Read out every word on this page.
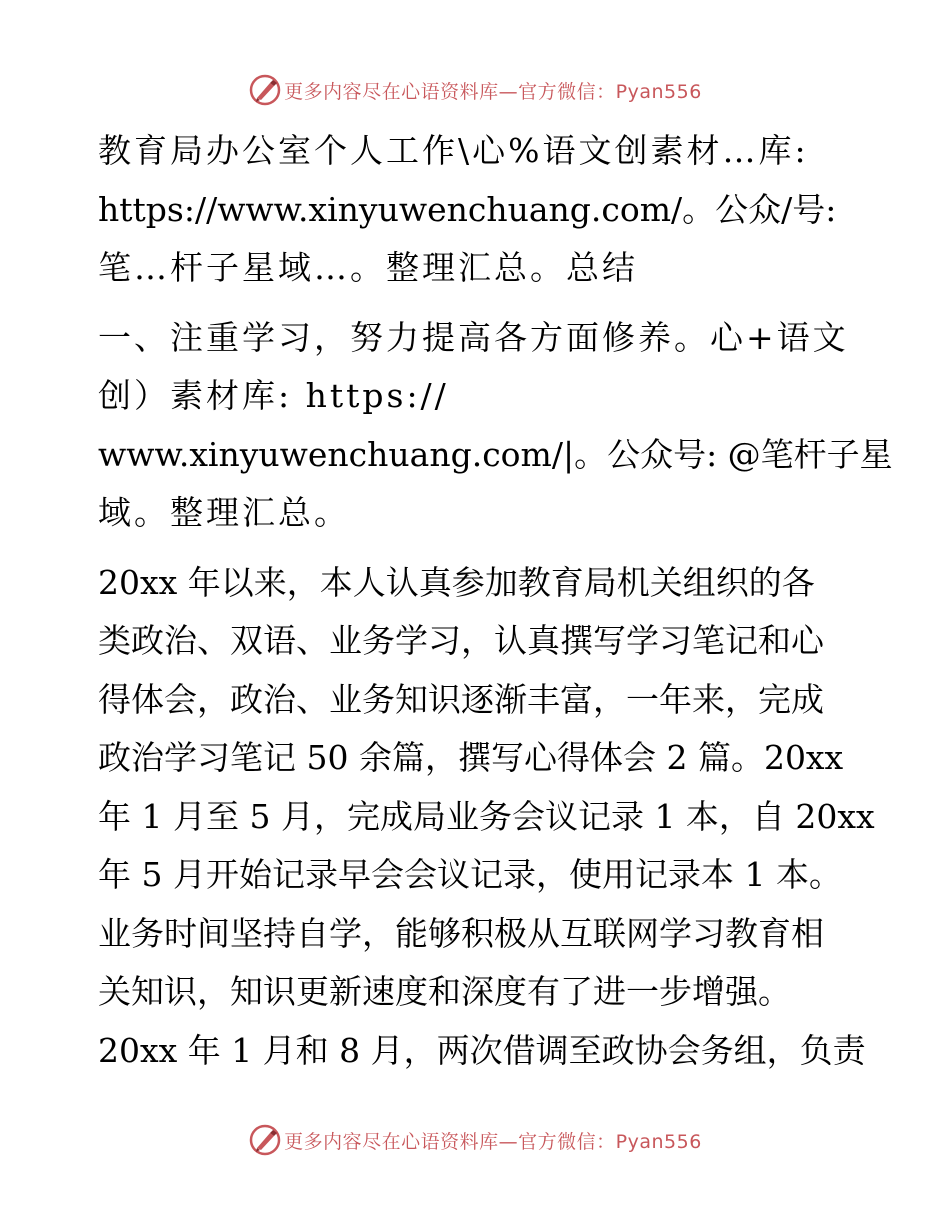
更多内容尽在心语资料库—官方微信：Pyan556
教育局办公室个人工作\心%语文创素材…库:
https://www.xinyuwenchuang.com/。公众/号:
笔…杆子星域…。整理汇总。总结
一、注重学习，努力提高各方面修养。心+语文
创）素材库: https://
www.xinyuwenchuang.com/|。公众号: @笔杆子星
域。整理汇总。
20xx 年以来，本人认真参加教育局机关组织的各
类政治、双语、业务学习，认真撰写学习笔记和心
得体会，政治、业务知识逐渐丰富，一年来，完成
政治学习笔记 50 余篇，撰写心得体会 2 篇。20xx
年 1 月至 5 月，完成局业务会议记录 1 本，自 20xx
年 5 月开始记录早会会议记录，使用记录本 1 本。
业务时间坚持自学，能够积极从互联网学习教育相
关知识，知识更新速度和深度有了进一步增强。
20xx 年 1 月和 8 月，两次借调至政协会务组，负责
更多内容尽在心语资料库—官方微信：Pyan556
